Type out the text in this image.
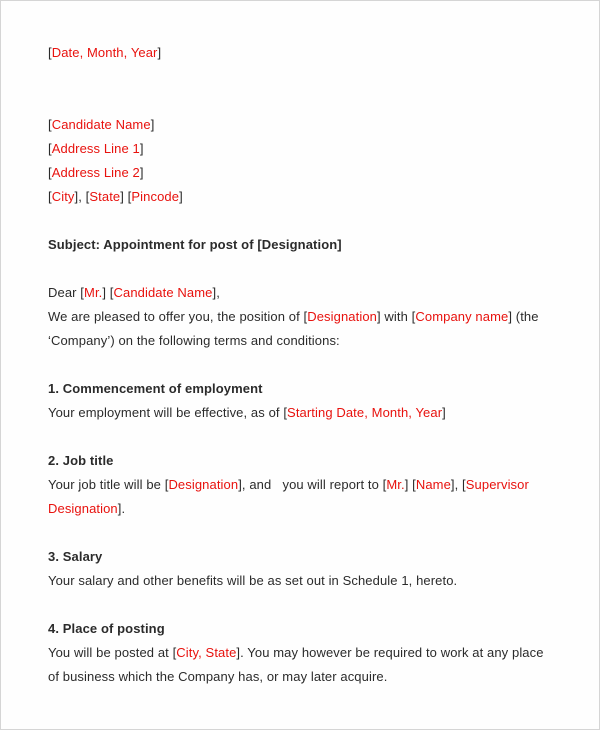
[Date, Month, Year]

[Candidate Name]
[Address Line 1]
[Address Line 2]
[City], [State] [Pincode]

Subject: Appointment for post of [Designation]

Dear [Mr.] [Candidate Name],
We are pleased to offer you, the position of [Designation] with [Company name] (the
‘Company’) on the following terms and conditions:

1. Commencement of employment

Your employment will be effective, as of [Starting Date, Month, Year]

2. Job title

Your job title will be [Designation], and   you will report to [Mr.] [Name], [Supervisor
Designation].

3. Salary

Your salary and other benefits will be as set out in Schedule 1, hereto.

4. Place of posting

You will be posted at [City, State]. You may however be required to work at any place
of business which the Company has, or may later acquire.
